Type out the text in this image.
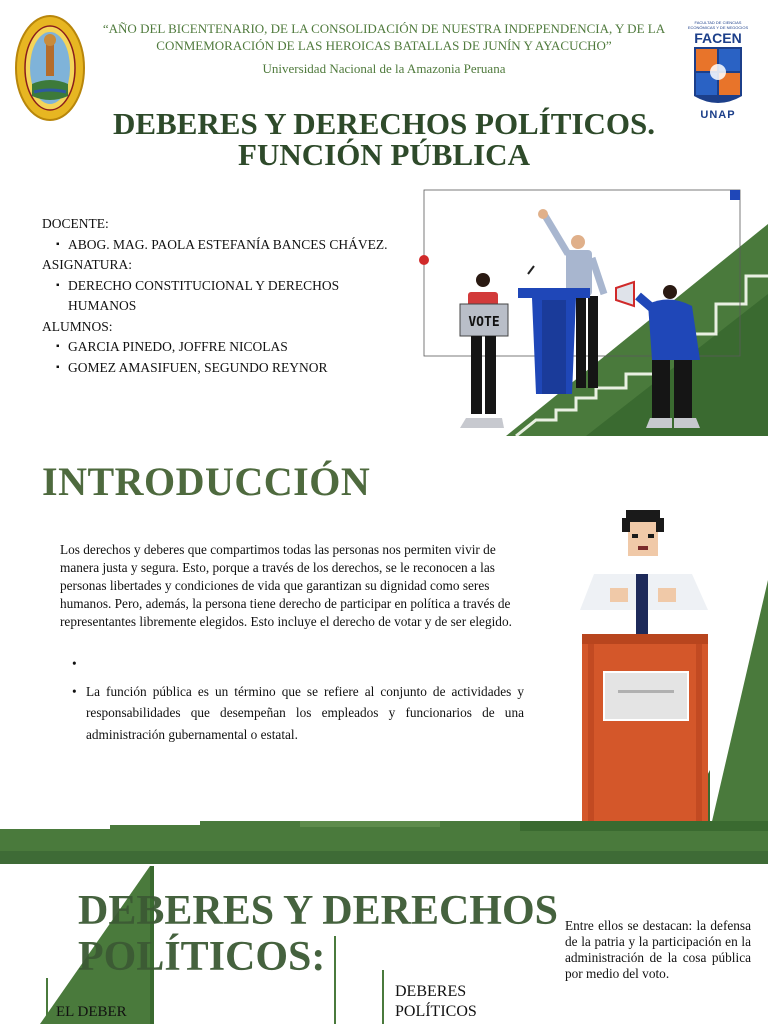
“AÑO DEL BICENTENARIO, DE LA CONSOLIDACIÓN DE NUESTRA INDEPENDENCIA, Y DE LA CONMEMORACIÓN DE LAS HEROICAS BATALLAS DE JUNÍN Y AYACUCHO”
Universidad Nacional de la Amazonia Peruana
FACULTAD DE CIENCIAS
ECONÓMICAS Y DE NEGOCIOS
FACEN
UNAP
DEBERES Y DERECHOS POLÍTICOS.
FUNCIÓN PÚBLICA
DOCENTE:
▪ ABOG. MAG. PAOLA ESTEFANÍA BANCES CHÁVEZ.
ASIGNATURA:
▪ DERECHO CONSTITUCIONAL Y DERECHOS HUMANOS
ALUMNOS:
▪ GARCIA PINEDO, JOFFRE NICOLAS
▪ GOMEZ AMASIFUEN, SEGUNDO REYNOR
VOTE
INTRODUCCIÓN

Los derechos y deberes que compartimos todas las personas nos permiten vivir de manera justa y segura. Esto, porque a través de los derechos, se le reconocen a las personas libertades y condiciones de vida que garantizan su dignidad como seres humanos. Pero, además, la persona tiene derecho de participar en política a través de representantes libremente elegidos. Esto incluye el derecho de votar y de ser elegido.

•
• La función pública es un término que se refiere al conjunto de actividades y responsabilidades que desempeñan los empleados y funcionarios de una administración gubernamental o estatal.
DEBERES Y DERECHOS
POLÍTICOS:
EL DEBER
DEBERES
POLÍTICOS

Entre ellos se destacan: la defensa de la patria y la participación en la administración de la cosa pública por medio del voto.
